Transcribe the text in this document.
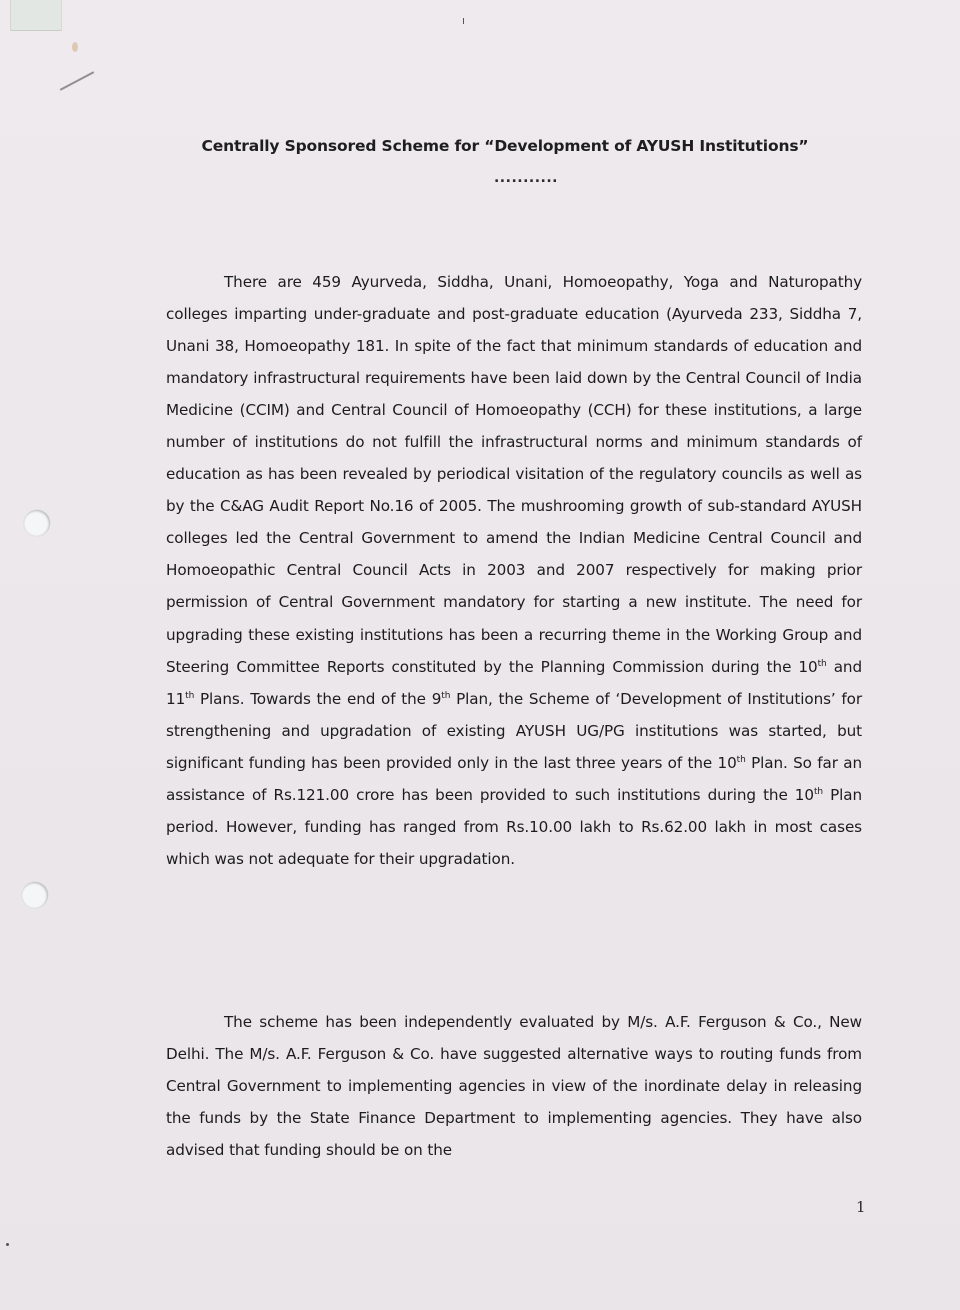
Centrally Sponsored Scheme for “Development of AYUSH Institutions”
...........

There are 459 Ayurveda, Siddha, Unani, Homoeopathy, Yoga and Naturopathy colleges imparting under-graduate and post-graduate education (Ayurveda 233, Siddha 7, Unani 38, Homoeopathy 181. In spite of the fact that minimum standards of education and mandatory infrastructural requirements have been laid down by the Central Council of India Medicine (CCIM) and Central Council of Homoeopathy (CCH) for these institutions, a large number of institutions do not fulfill the infrastructural norms and minimum standards of education as has been revealed by periodical visitation of the regulatory councils as well as by the C&AG Audit Report No.16 of 2005. The mushrooming growth of sub-standard AYUSH colleges led the Central Government to amend the Indian Medicine Central Council and Homoeopathic Central Council Acts in 2003 and 2007 respectively for making prior permission of Central Government mandatory for starting a new institute. The need for upgrading these existing institutions has been a recurring theme in the Working Group and Steering Committee Reports constituted by the Planning Commission during the 10th and 11th Plans. Towards the end of the 9th Plan, the Scheme of ‘Development of Institutions’ for strengthening and upgradation of existing AYUSH UG/PG institutions was started, but significant funding has been provided only in the last three years of the 10th Plan. So far an assistance of Rs.121.00 crore has been provided to such institutions during the 10th Plan period. However, funding has ranged from Rs.10.00 lakh to Rs.62.00 lakh in most cases which was not adequate for their upgradation.

The scheme has been independently evaluated by M/s. A.F. Ferguson & Co., New Delhi. The M/s. A.F. Ferguson & Co. have suggested alternative ways to routing funds from Central Government to implementing agencies in view of the inordinate delay in releasing the funds by the State Finance Department to implementing agencies. They have also advised that funding should be on the

1
